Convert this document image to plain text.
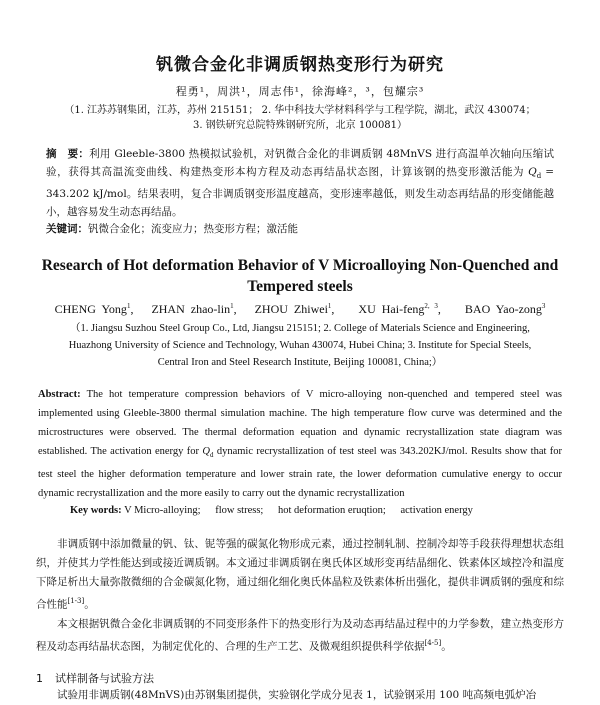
钒微合金化非调质钢热变形行为研究
程勇¹，周洪¹，周志伟¹，徐海峰²，³，包耀宗³
（1. 江苏苏钢集团，江苏，苏州 215151； 2. 华中科技大学材料科学与工程学院，湖北，武汉 430074；
3. 钢铁研究总院特殊钢研究所，北京 100081）
摘　要：利用 Gleeble-3800 热模拟试验机，对钒微合金化的非调质钢 48MnVS 进行高温单次轴向压缩试验，获得其高温流变曲线、构建热变形本构方程及动态再结晶状态图，计算该钢的热变形激活能为 $Q_d = 343.202$ kJ/mol。结果表明，复合非调质钢变形温度越高，变形速率越低，则发生动态再结晶的形变储能越小，越容易发生动态再结晶。
关键词：钒微合金化；流变应力；热变形方程；激活能
Research of Hot deformation Behavior of V Microalloying Non-Quenched and
Tempered steels
CHENG Yong$^1$,   ZHAN zhao-lin$^1$,   ZHOU Zhiwei$^1$,    XU Hai-feng$^{2, 3}$,    BAO Yao-zong$^3$
（1. Jiangsu Suzhou Steel Group Co., Ltd, Jiangsu 215151; 2. College of Materials Science and Engineering,
Huazhong University of Science and Technology, Wuhan 430074, Hubei China; 3. Institute for Special Steels,
Central Iron and Steel Research Institute, Beijing 100081, China;）
Abstract: The hot temperature compression behaviors of V micro-alloying non-quenched and tempered steel was implemented using Gleeble-3800 thermal simulation machine. The high temperature flow curve was determined and the microstructures were observed. The thermal deformation equation and dynamic recrystallization state diagram was established. The activation energy for $Q_d$ dynamic recrystallization of test steel was 343.202KJ/mol. Results show that for test steel the higher deformation temperature and lower strain rate, the lower deformation cumulative energy to occur dynamic recrystallization and the more easily to carry out the dynamic recrystallization
Key words: V Micro-alloying; flow stress; hot deformation eruqtion; activation energy

非调质钢中添加微量的钒、钛、铌等强的碳氮化物形成元素，通过控制轧制、控制冷却等手段获得理想状态组织，并使其力学性能达到或接近调质钢。本文通过非调质钢在奥氏体区域形变再结晶细化、铁素体区域控冷和温度下降足析出大量弥散微细的合金碳氮化物，通过细化细化奥氏体晶粒及铁素体析出强化，提供非调质钢的强度和综合性能[1-3]。

本文根据钒微合金化非调质钢的不同变形条件下的热变形行为及动态再结晶过程中的力学参数，建立热变形方程及动态再结晶状态图，为制定优化的、合理的生产工艺、及微观组织提供科学依据[4-5]。

1 试样制备与试验方法

试验用非调质钢(48MnVS)由苏钢集团提供，实验钢化学成分见表 1，试验钢采用 100 吨高频电弧炉冶
